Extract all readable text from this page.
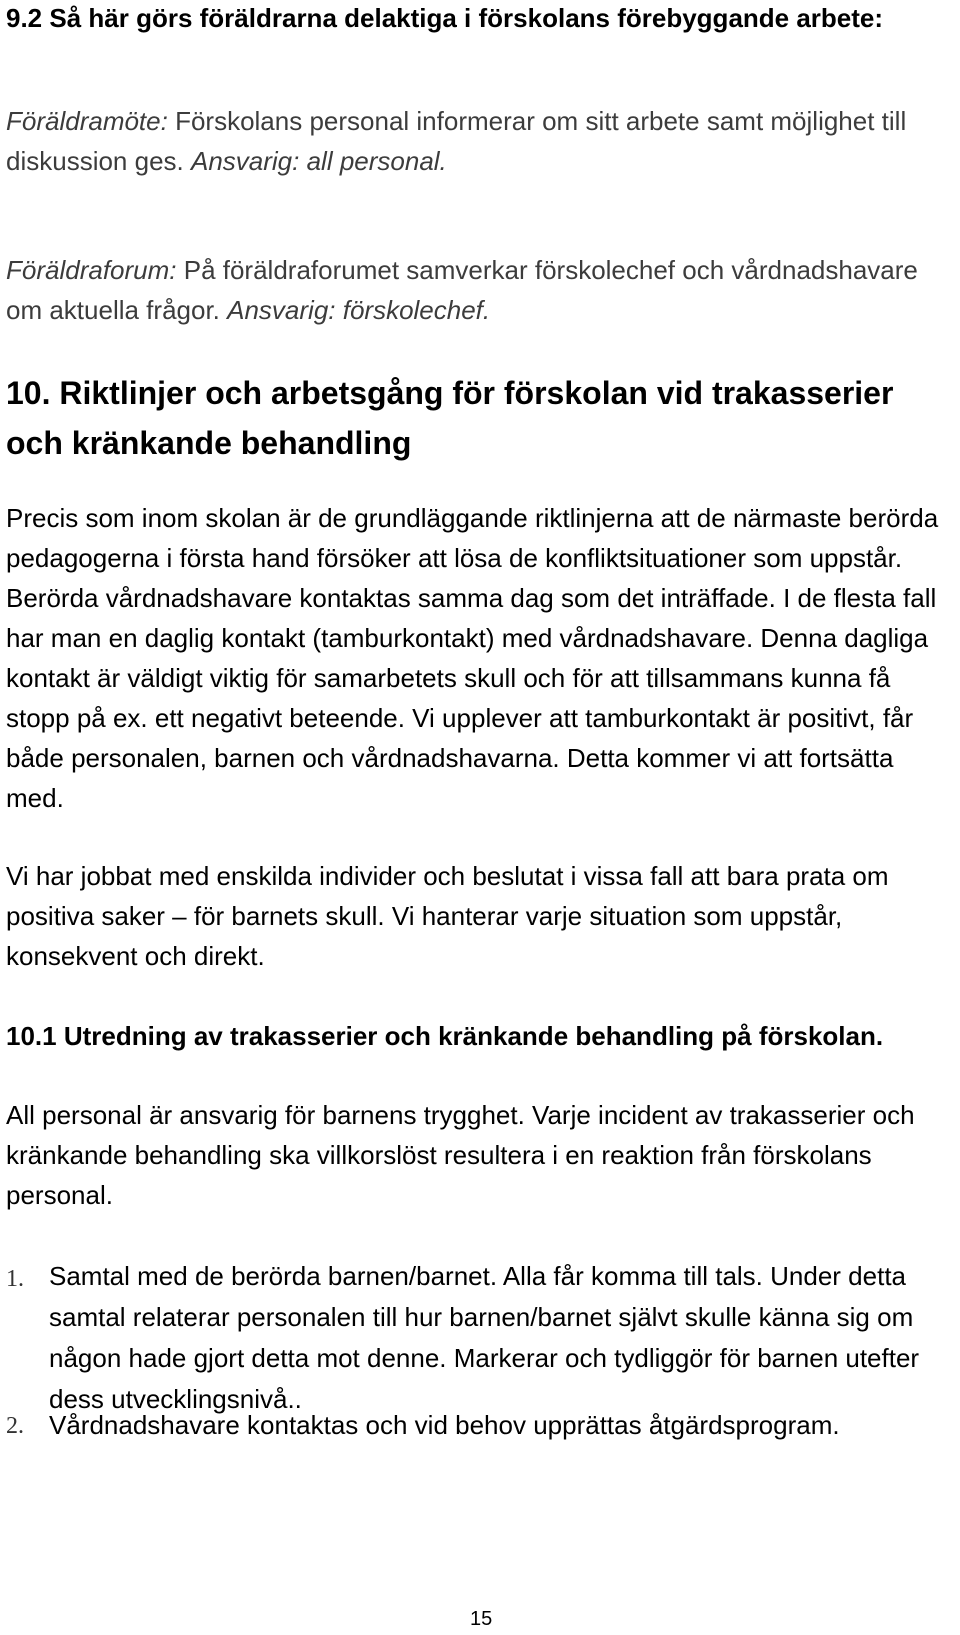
9.2 Så här görs föräldrarna delaktiga i förskolans förebyggande arbete:

Föräldramöte: Förskolans personal informerar om sitt arbete samt möjlighet till diskussion ges. Ansvarig: all personal.

Föräldraforum: På föräldraforumet samverkar förskolechef och vårdnadshavare om aktuella frågor. Ansvarig: förskolechef.

10. Riktlinjer och arbetsgång för förskolan vid trakasserier och kränkande behandling

Precis som inom skolan är de grundläggande riktlinjerna att de närmaste berörda pedagogerna i första hand försöker att lösa de konfliktsituationer som uppstår. Berörda vårdnadshavare kontaktas samma dag som det inträffade. I de flesta fall har man en daglig kontakt (tamburkontakt) med vårdnadshavare. Denna dagliga kontakt är väldigt viktig för samarbetets skull och för att tillsammans kunna få stopp på ex. ett negativt beteende. Vi upplever att tamburkontakt är positivt, får både personalen, barnen och vårdnadshavarna. Detta kommer vi att fortsätta med.

Vi har jobbat med enskilda individer och beslutat i vissa fall att bara prata om positiva saker – för barnets skull. Vi hanterar varje situation som uppstår, konsekvent och direkt.

10.1 Utredning av trakasserier och kränkande behandling på förskolan.

All personal är ansvarig för barnens trygghet. Varje incident av trakasserier och kränkande behandling ska villkorslöst resultera i en reaktion från förskolans personal.

1. Samtal med de berörda barnen/barnet. Alla får komma till tals. Under detta samtal relaterar personalen till hur barnen/barnet självt skulle känna sig om någon hade gjort detta mot denne. Markerar och tydliggör för barnen utefter dess utvecklingsnivå..
2. Vårdnadshavare kontaktas och vid behov upprättas åtgärdsprogram.
15
